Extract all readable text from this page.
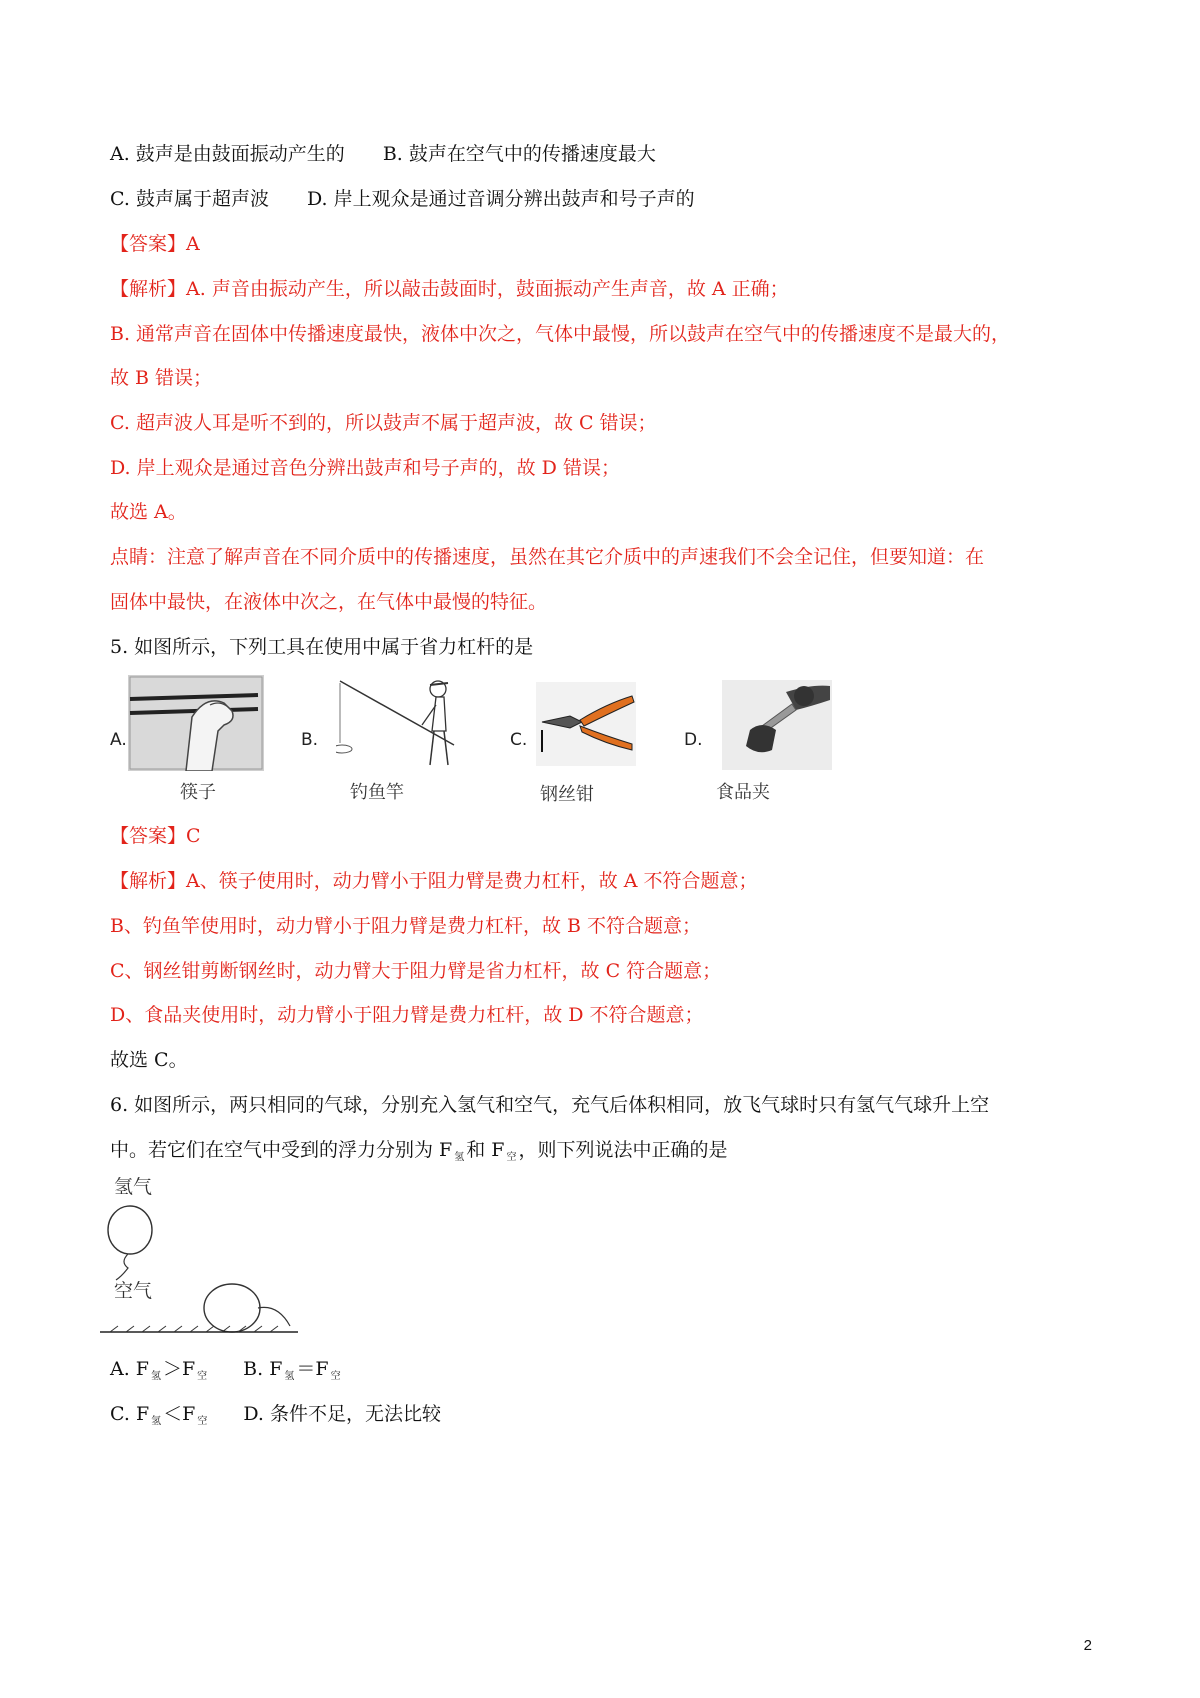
A. 鼓声是由鼓面振动产生的 B. 鼓声在空气中的传播速度最大
C. 鼓声属于超声波 D. 岸上观众是通过音调分辨出鼓声和号子声的
【答案】A
【解析】A. 声音由振动产生，所以敲击鼓面时，鼓面振动产生声音，故 A 正确；
B. 通常声音在固体中传播速度最快，液体中次之，气体中最慢，所以鼓声在空气中的传播速度不是最大的，
故 B 错误；
C. 超声波人耳是听不到的，所以鼓声不属于超声波，故 C 错误；
D. 岸上观众是通过音色分辨出鼓声和号子声的，故 D 错误；
故选 A。
点睛：注意了解声音在不同介质中的传播速度，虽然在其它介质中的声速我们不会全记住，但要知道：在
固体中最快，在液体中次之，在气体中最慢的特征。
5. 如图所示，下列工具在使用中属于省力杠杆的是
A.
筷子
B.
钓鱼竿
C.
钢丝钳
D.
食品夹
【答案】C
【解析】A、筷子使用时，动力臂小于阻力臂是费力杠杆，故 A 不符合题意；
B、钓鱼竿使用时，动力臂小于阻力臂是费力杠杆，故 B 不符合题意；
C、钢丝钳剪断钢丝时，动力臂大于阻力臂是省力杠杆，故 C 符合题意；
D、食品夹使用时，动力臂小于阻力臂是费力杠杆，故 D 不符合题意；
故选 C。
6. 如图所示，两只相同的气球，分别充入氢气和空气，充气后体积相同，放飞气球时只有氢气气球升上空
中。若它们在空气中受到的浮力分别为 F $_氢$ 和 F $_空$ ，则下列说法中正确的是
氢气
空气
A. F $_氢$ ＞F $_空$ B. F $_氢$ ＝F $_空$
C. F $_氢$ ＜F $_空$ D. 条件不足，无法比较
2
